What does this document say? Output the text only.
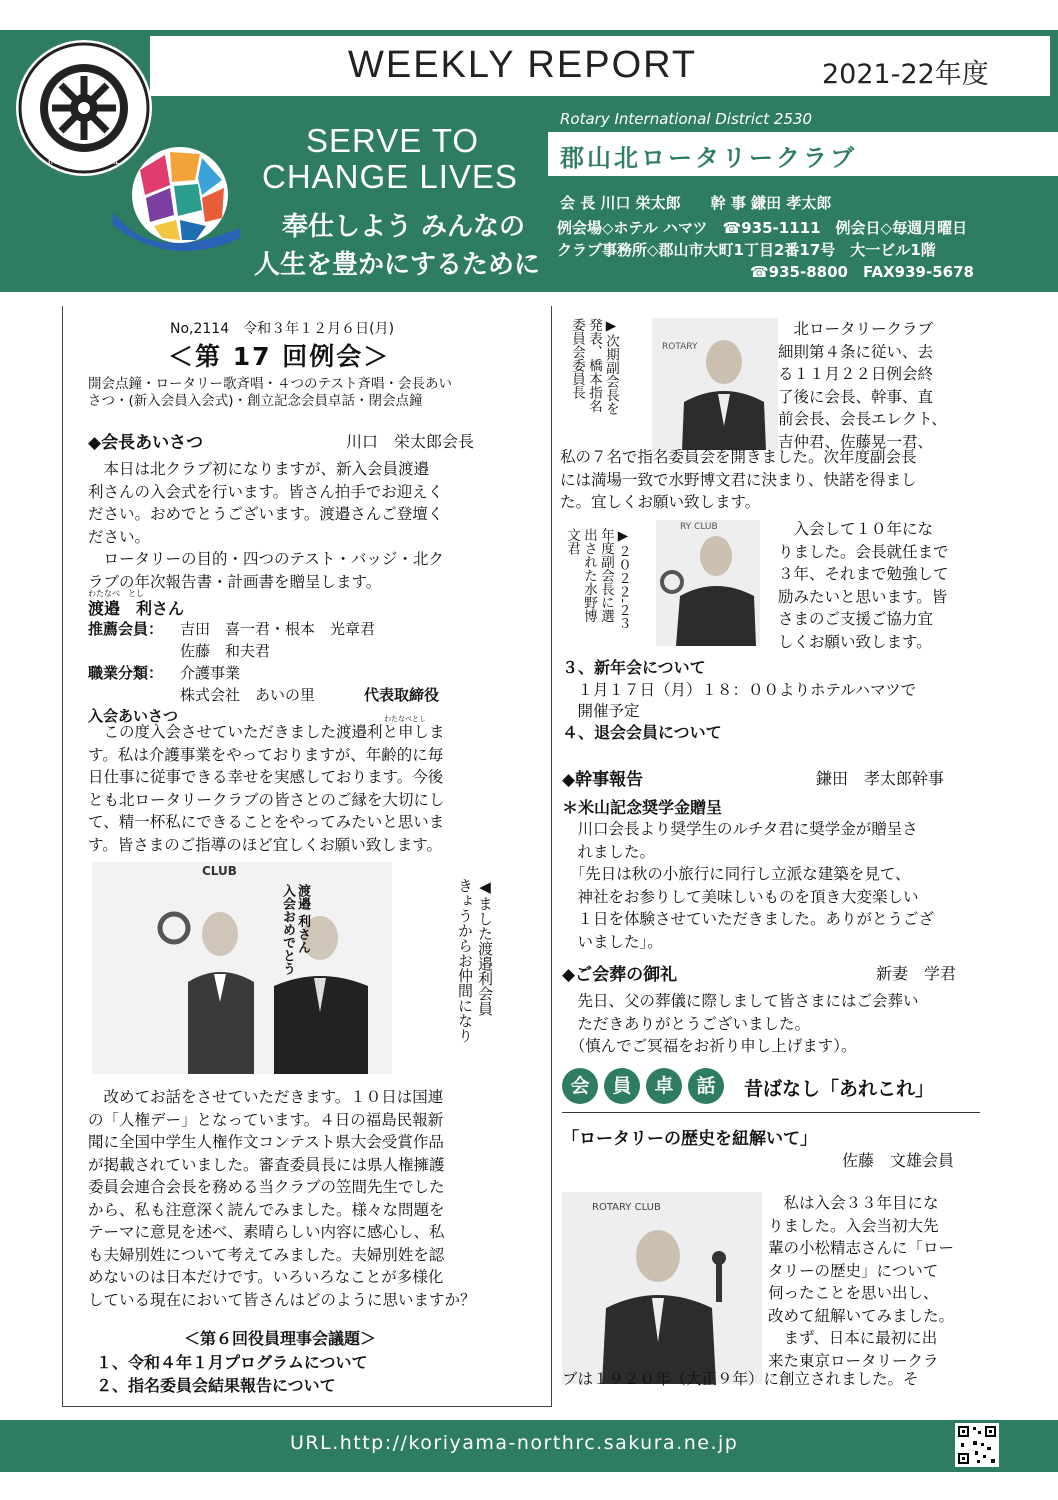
WEEKLY REPORT	2021-22年度
ROTARY
INTERNATIONAL
SERVE TO
CHANGE LIVES
奉仕しよう みんなの
人生を豊かにするために
Rotary International District 2530
郡山北ロータリークラブ
会 長 川口 栄太郎　　幹 事 鎌田 孝太郎
例会場◇ホテル ハマツ　☎935-1111　例会日◇毎週月曜日
クラブ事務所◇郡山市大町1丁目2番17号　大一ビル1階
☎935-8800　FAX939-5678
No,2114　令和３年１２月６日(月)
＜第 17 回例会＞
開会点鐘・ロータリー歌斉唱・４つのテスト斉唱・会長あい
さつ・(新入会員入会式)・創立記念会員卓話・閉会点鐘
◆会長あいさつ	川口　栄太郎会長
　本日は北クラブ初になりますが、新入会員渡邉
利さんの入会式を行います。皆さん拍手でお迎えく
ださい。おめでとうございます。渡邉さんご登壇く
ださい。
　ロータリーの目的・四つのテスト・バッジ・北ク
ラブの年次報告書・計画書を贈呈します。
わたなべ　とし
渡邉　利さん
推薦会員： 吉田　喜一君・根本　光章君
佐藤　和夫君
職業分類： 介護事業
株式会社　あいの里	代表取締役
入会あいさつ	わたなべとし
　この度入会させていただきました渡邉利と申しま
す。私は介護事業をやっておりますが、年齢的に毎
日仕事に従事できる幸せを実感しております。今後
とも北ロータリークラブの皆さとのご縁を大切にし
て、精一杯私にできることをやってみたいと思いま
す。皆さまのご指導のほど宜しくお願い致します。
CLUB
渡邉 利さん
入会おめでとう	◀ました渡邉利会員
きょうからお仲間になり
　改めてお話をさせていただきます。１０日は国連
の「人権デー」となっています。４日の福島民報新
聞に全国中学生人権作文コンテスト県大会受賞作品
が掲載されていました。審査委員長には県人権擁護
委員会連合会長を務める当クラブの笠間先生でした
から、私も注意深く読んでみました。様々な問題を
テーマに意見を述べ、素晴らしい内容に感心し、私
も夫婦別姓について考えてみました。夫婦別姓を認
めないのは日本だけです。いろいろなことが多様化
している現在において皆さんはどのように思いますか？
＜第６回役員理事会議題＞
１、令和４年１月プログラムについて
２、指名委員会結果報告について
▶次期副会長を
発表、橋本指名
委員会委員長	ROTARY
　北ロータリークラブ
細則第４条に従い、去
る１１月２２日例会終
了後に会長、幹事、直
前会長、会長エレクト、
吉仲君、佐藤晃一君、
私の７名で指名委員会を開きました。次年度副会長
には満場一致で水野博文君に決まり、快諾を得まし
た。宜しくお願い致します。
▶２０２２-２３
年度副会長に選
出された水野博
文君
RY CLUB	　入会して１０年にな
りました。会長就任まで
３年、それまで勉強して
励みたいと思います。皆
さまのご支援ご協力宜
しくお願い致します。
３、新年会について
　１月１７日（月）１８：００よりホテルハマツで
　開催予定
４、退会会員について
◆幹事報告	鎌田　孝太郎幹事
＊米山記念奨学金贈呈
　川口会長より奨学生のルチタ君に奨学金が贈呈さ
　れました。
　「先日は秋の小旅行に同行し立派な建築を見て、
　神社をお参りして美味しいものを頂き大変楽しい
　１日を体験させていただきました。ありがとうござ
　いました」。
◆ご会葬の御礼	新妻　学君
　先日、父の葬儀に際しまして皆さまにはご会葬い
　ただきありがとうございました。
　（慎んでご冥福をお祈り申し上げます）。
会	員	卓	話	昔ばなし「あれこれ」
「ロータリーの歴史を紐解いて」
佐藤　文雄会員
ROTARY CLUB	　私は入会３３年目にな
りました。入会当初大先
輩の小松精志さんに「ロー
タリーの歴史」について
伺ったことを思い出し、
改めて紐解いてみました。
　まず、日本に最初に出
来た東京ロータリークラ
ブは１９２０年（大正９年）に創立されました。そ
URL.http://koriyama-northrc.sakura.ne.jp
